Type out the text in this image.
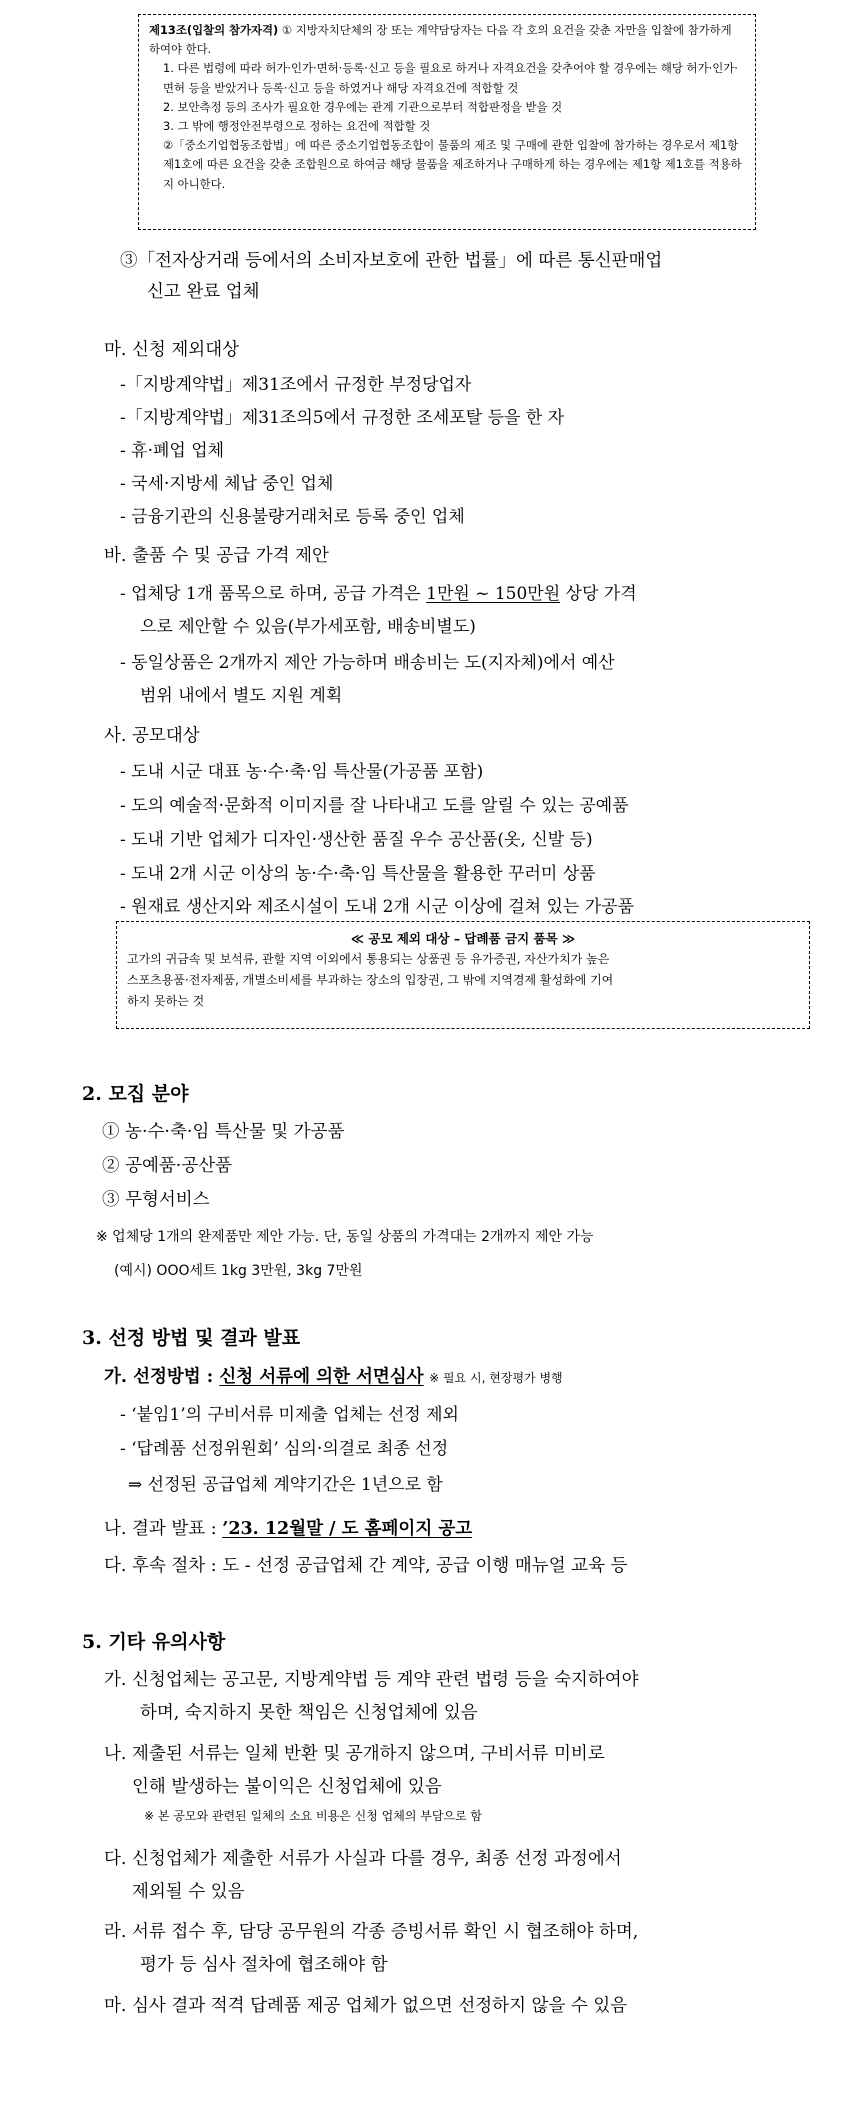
제13조(입찰의 참가자격) ① 지방자치단체의 장 또는 계약담당자는 다음 각 호의 요건을 갖춘 자만을 입찰에 참가하게 하여야 한다.

1. 다른 법령에 따라 허가·인가·면허·등록·신고 등을 필요로 하거나 자격요건을 갖추어야 할 경우에는 해당 허가·인가·면허 등을 받았거나 등록·신고 등을 하였거나 해당 자격요건에 적합할 것

2. 보안측정 등의 조사가 필요한 경우에는 관계 기관으로부터 적합판정을 받을 것

3. 그 밖에 행정안전부령으로 정하는 요건에 적합할 것

②「중소기업협동조합법」에 따른 중소기업협동조합이 물품의 제조 및 구매에 관한 입찰에 참가하는 경우로서 제1항제1호에 따른 요건을 갖춘 조합원으로 하여금 해당 물품을 제조하거나 구매하게 하는 경우에는 제1항 제1호를 적용하지 아니한다.

③「전자상거래 등에서의 소비자보호에 관한 법률」에 따른 통신판매업
신고 완료 업체
마. 신청 제외대상
-「지방계약법」제31조에서 규정한 부정당업자
-「지방계약법」제31조의5에서 규정한 조세포탈 등을 한 자
- 휴·폐업 업체
- 국세·지방세 체납 중인 업체
- 금융기관의 신용불량거래처로 등록 중인 업체
바. 출품 수 및 공급 가격 제안
- 업체당 1개 품목으로 하며, 공급 가격은 1만원 ~ 150만원 상당 가격
으로 제안할 수 있음(부가세포함, 배송비별도)
- 동일상품은 2개까지 제안 가능하며 배송비는 도(지자체)에서 예산
범위 내에서 별도 지원 계획
사. 공모대상
- 도내 시군 대표 농·수·축·임 특산물(가공품 포함)
- 도의 예술적·문화적 이미지를 잘 나타내고 도를 알릴 수 있는 공예품
- 도내 기반 업체가 디자인·생산한 품질 우수 공산품(옷, 신발 등)
- 도내 2개 시군 이상의 농·수·축·임 특산물을 활용한 꾸러미 상품
- 원재료 생산지와 제조시설이 도내 2개 시군 이상에 걸쳐 있는 가공품
≪ 공모 제외 대상 – 답례품 금지 품목 ≫
고가의 귀금속 및 보석류, 관할 지역 이외에서 통용되는 상품권 등 유가증권, 자산가치가 높은
스포츠용품·전자제품, 개별소비세를 부과하는 장소의 입장권, 그 밖에 지역경제 활성화에 기여
하지 못하는 것
2. 모집 분야
① 농·수·축·임 특산물 및 가공품
② 공예품·공산품
③ 무형서비스
※ 업체당 1개의 완제품만 제안 가능. 단, 동일 상품의 가격대는 2개까지 제안 가능
(예시) OOO세트 1kg 3만원, 3kg 7만원
3. 선정 방법 및 결과 발표
가. 선정방법 : 신청 서류에 의한 서면심사 ※ 필요 시, 현장평가 병행
- ‘붙임1’의 구비서류 미제출 업체는 선정 제외
- ‘답례품 선정위원회’ 심의·의결로 최종 선정
⇒ 선정된 공급업체 계약기간은 1년으로 함
나. 결과 발표 : ’23. 12월말 / 도 홈페이지 공고
다. 후속 절차 : 도 - 선정 공급업체 간 계약, 공급 이행 매뉴얼 교육 등
5. 기타 유의사항
가. 신청업체는 공고문, 지방계약법 등 계약 관련 법령 등을 숙지하여야
하며, 숙지하지 못한 책임은 신청업체에 있음
나. 제출된 서류는 일체 반환 및 공개하지 않으며, 구비서류 미비로
인해 발생하는 불이익은 신청업체에 있음
※ 본 공모와 관련된 일체의 소요 비용은 신청 업체의 부담으로 함
다. 신청업체가 제출한 서류가 사실과 다를 경우, 최종 선정 과정에서
제외될 수 있음
라. 서류 접수 후, 담당 공무원의 각종 증빙서류 확인 시 협조해야 하며,
평가 등 심사 절차에 협조해야 함
마. 심사 결과 적격 답례품 제공 업체가 없으면 선정하지 않을 수 있음
